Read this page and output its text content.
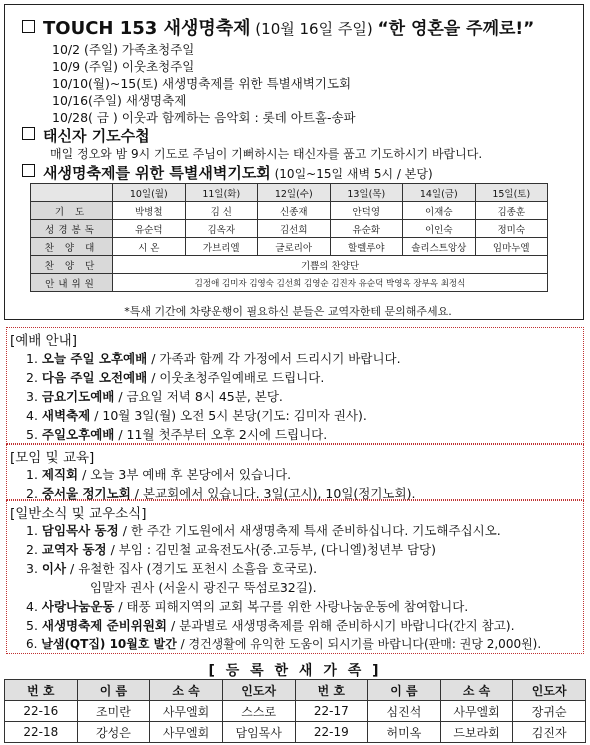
TOUCH 153 새생명축제 (10월 16일 주일) “한 영혼을 주께로!”
10/2 (주일) 가족초청주일
10/9 (주일) 이웃초청주일
10/10(월)~15(토) 새생명축제를 위한 특별새벽기도회
10/16(주일) 새생명축제
10/28( 금 ) 이웃과 함께하는 음악회 : 롯데 아트홀-송파
태신자 기도수첩
매일 정오와 밤 9시 기도로 주님이 기뻐하시는 태신자를 품고 기도하시기 바랍니다.
새생명축제를 위한 특별새벽기도회 (10일~15일 새벽 5시 / 본당)
	10일(월)	11일(화)	12일(수)	13일(목)	14일(금)	15일(토)
기 도	박병철	김 신	신종재	안덕영	이재승	김종훈
성경봉독	유순덕	김옥자	김선희	유순화	이인숙	정미숙
찬 양 대	시 온	가브리엘	글로리아	할렐루야	솔리스트앙상	임마누엘
찬 양 단	기쁨의 찬양단					
안내위원	김정애 김미자 김영숙 김선희 김영순 김진자 유순덕 박영옥 장부옥 최정식					
*특새 기간에 차량운행이 필요하신 분들은 교역자한테 문의해주세요.
[예배 안내]
1. 오늘 주일 오후예배 / 가족과 함께 각 가정에서 드리시기 바랍니다.
2. 다음 주일 오전예배 / 이웃초청주일예배로 드립니다.
3. 금요기도예배 / 금요일 저녁 8시 45분, 본당.
4. 새벽축제 / 10월 3일(월) 오전 5시 본당(기도: 김미자 권사).
5. 주일오후예배 / 11월 첫주부터 오후 2시에 드립니다.
[모임 및 교육]
1. 제직회 / 오늘 3부 예배 후 본당에서 있습니다.
2. 중서울 정기노회 / 본교회에서 있습니다. 3일(고시), 10일(정기노회).
[일반소식 및 교우소식]
1. 담임목사 동정 / 한 주간 기도원에서 새생명축제 특새 준비하십니다. 기도해주십시오.
2. 교역자 동정 / 부임 : 김민철 교육전도사(중.고등부, (다니엘)청년부 담당)
3. 이사 / 유철한 집사 (경기도 포천시 소흘읍 호국로).
임말자 권사 (서울시 광진구 뚝섬로32길).
4. 사랑나눔운동 / 태풍 피해지역의 교회 복구를 위한 사랑나눔운동에 참여합니다.
5. 새생명축제 준비위원회 / 분과별로 새생명축제를 위해 준비하시기 바랍니다(간지 참고).
6. 날샘(QT집) 10월호 발간 / 경건생활에 유익한 도움이 되시기를 바랍니다(판매: 권당 2,000원).
[ 등 록 한 새 가 족 ]
번 호	이 름	소 속	인도자	번 호	이 름	소 속	인도자
22-16	조미란	사무엘회	스스로	22-17	심진석	사무엘회	장귀순
22-18	강성은	사무엘회	담임목사	22-19	허미옥	드보라회	김진자
